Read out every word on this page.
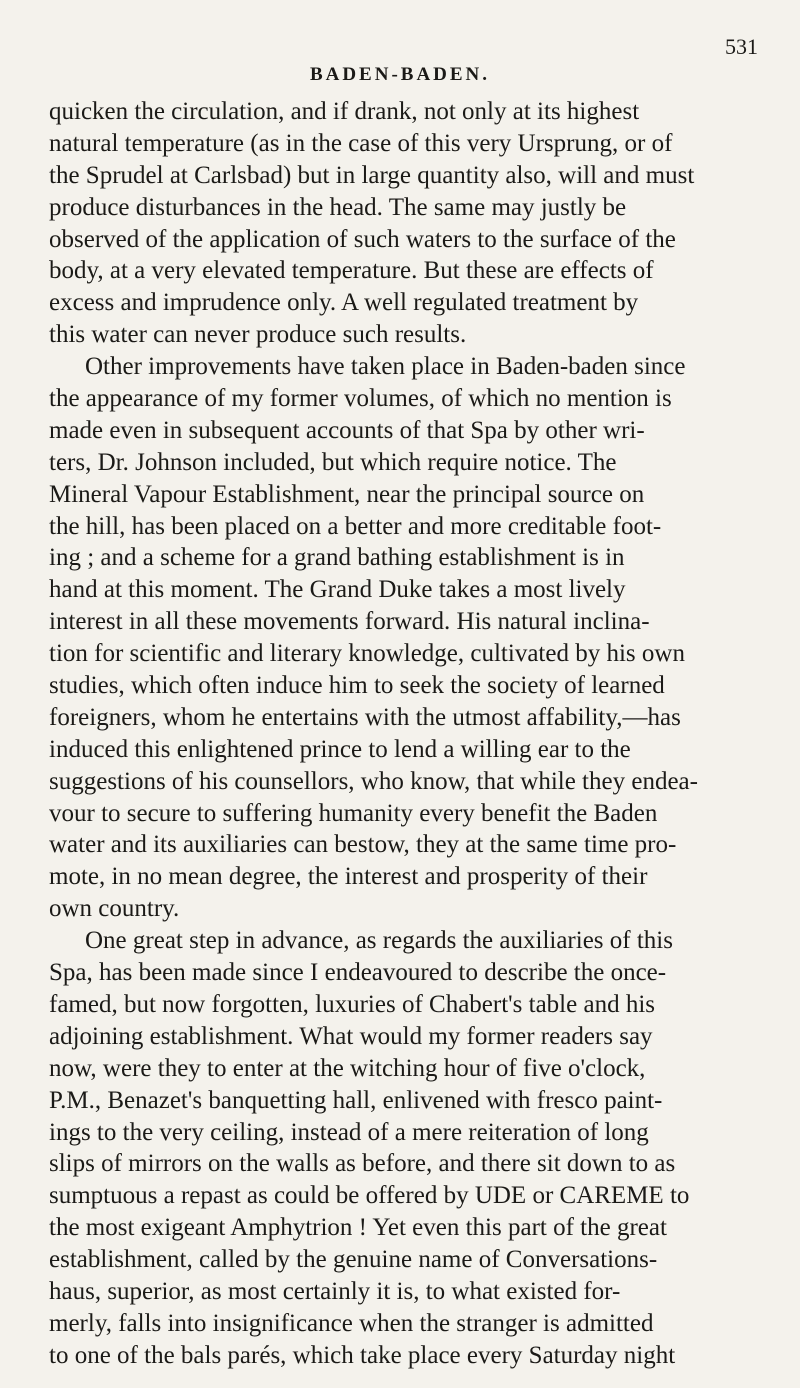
531
BADEN-BADEN.
quicken the circulation, and if drank, not only at its highest
natural temperature (as in the case of this very Ursprung, or of
the Sprudel at Carlsbad) but in large quantity also, will and must
produce disturbances in the head. The same may justly be
observed of the application of such waters to the surface of the
body, at a very elevated temperature. But these are effects of
excess and imprudence only. A well regulated treatment by
this water can never produce such results.
Other improvements have taken place in Baden-baden since
the appearance of my former volumes, of which no mention is
made even in subsequent accounts of that Spa by other wri-
ters, Dr. Johnson included, but which require notice. The
Mineral Vapour Establishment, near the principal source on
the hill, has been placed on a better and more creditable foot-
ing ; and a scheme for a grand bathing establishment is in
hand at this moment. The Grand Duke takes a most lively
interest in all these movements forward. His natural inclina-
tion for scientific and literary knowledge, cultivated by his own
studies, which often induce him to seek the society of learned
foreigners, whom he entertains with the utmost affability,—has
induced this enlightened prince to lend a willing ear to the
suggestions of his counsellors, who know, that while they endea-
vour to secure to suffering humanity every benefit the Baden
water and its auxiliaries can bestow, they at the same time pro-
mote, in no mean degree, the interest and prosperity of their
own country.
One great step in advance, as regards the auxiliaries of this
Spa, has been made since I endeavoured to describe the once-
famed, but now forgotten, luxuries of Chabert's table and his
adjoining establishment. What would my former readers say
now, were they to enter at the witching hour of five o'clock,
P.M., Benazet's banquetting hall, enlivened with fresco paint-
ings to the very ceiling, instead of a mere reiteration of long
slips of mirrors on the walls as before, and there sit down to as
sumptuous a repast as could be offered by UDE or CAREME to
the most exigeant Amphytrion ! Yet even this part of the great
establishment, called by the genuine name of Conversations-
haus, superior, as most certainly it is, to what existed for-
merly, falls into insignificance when the stranger is admitted
to one of the bals parés, which take place every Saturday night
